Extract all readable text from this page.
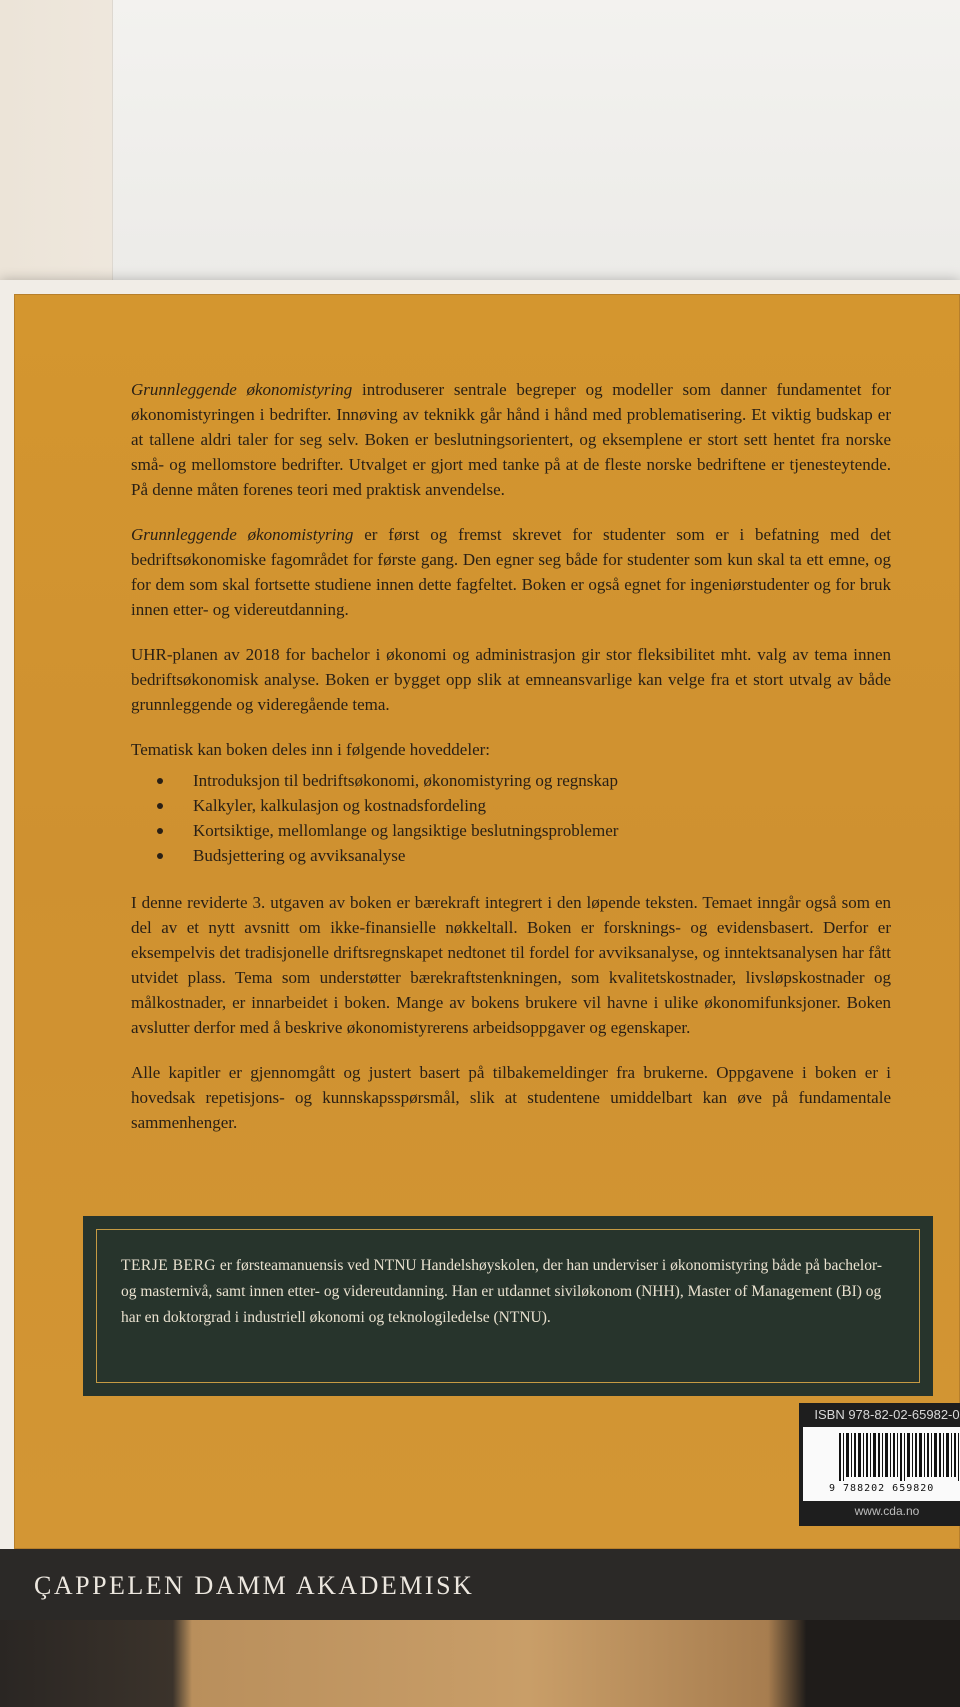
Grunnleggende økonomistyring introduserer sentrale begreper og modeller som danner fundamentet for økonomistyringen i bedrifter. Innøving av teknikk går hånd i hånd med problematisering. Et viktig budskap er at tallene aldri taler for seg selv. Boken er beslutningsorientert, og eksemplene er stort sett hentet fra norske små- og mellomstore bedrifter. Utvalget er gjort med tanke på at de fleste norske bedriftene er tjenesteytende. På denne måten forenes teori med praktisk anvendelse.

Grunnleggende økonomistyring er først og fremst skrevet for studenter som er i befatning med det bedriftsøkonomiske fagområdet for første gang. Den egner seg både for studenter som kun skal ta ett emne, og for dem som skal fortsette studiene innen dette fagfeltet. Boken er også egnet for ingeniørstudenter og for bruk innen etter- og videreutdanning.

UHR-planen av 2018 for bachelor i økonomi og administrasjon gir stor fleksibilitet mht. valg av tema innen bedriftsøkonomisk analyse. Boken er bygget opp slik at emneansvarlige kan velge fra et stort utvalg av både grunnleggende og videregående tema.

Tematisk kan boken deles inn i følgende hoveddeler:

Introduksjon til bedriftsøkonomi, økonomistyring og regnskap
Kalkyler, kalkulasjon og kostnadsfordeling
Kortsiktige, mellomlange og langsiktige beslutningsproblemer
Budsjettering og avviksanalyse

I denne reviderte 3. utgaven av boken er bærekraft integrert i den løpende teksten. Temaet inngår også som en del av et nytt avsnitt om ikke-finansielle nøkkeltall. Boken er forsknings- og evidensbasert. Derfor er eksempelvis det tradisjonelle driftsregnskapet nedtonet til fordel for avviksanalyse, og inntektsanalysen har fått utvidet plass. Tema som understøtter bærekraftstenkningen, som kvalitetskostnader, livsløpskostnader og målkostnader, er innarbeidet i boken. Mange av bokens brukere vil havne i ulike økonomifunksjoner. Boken avslutter derfor med å beskrive økonomistyrerens arbeidsoppgaver og egenskaper.

Alle kapitler er gjennomgått og justert basert på tilbakemeldinger fra brukerne. Oppgavene i boken er i hovedsak repetisjons- og kunnskapsspørsmål, slik at studentene umiddelbart kan øve på fundamentale sammenhenger.

TERJE BERG er førsteamanuensis ved NTNU Handelshøyskolen, der han underviser i økonomistyring både på bachelor- og masternivå, samt innen etter- og videreutdanning. Han er utdannet siviløkonom (NHH), Master of Management (BI) og har en doktorgrad i industriell økonomi og teknologiledelse (NTNU).
ISBN 978-82-02-65982-0
9 788202 659820
www.cda.no
ÇAPPELEN DAMM AKADEMISK
